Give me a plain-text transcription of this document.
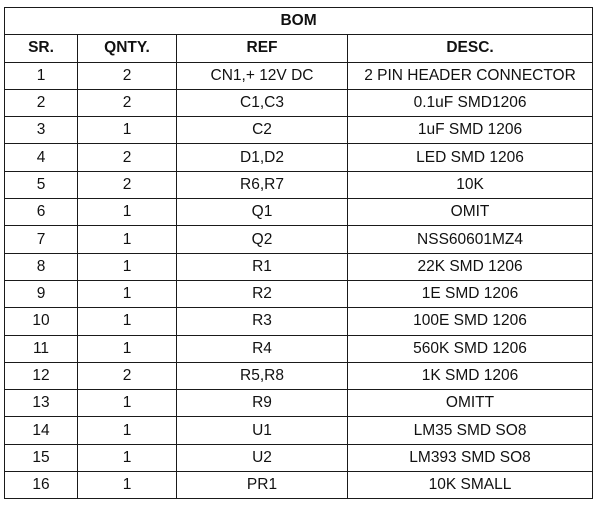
BOM			
SR.	QNTY.	REF	DESC.
1	2	CN1,+ 12V DC	2 PIN HEADER CONNECTOR
2	2	C1,C3	0.1uF SMD1206
3	1	C2	1uF SMD 1206
4	2	D1,D2	LED SMD 1206
5	2	R6,R7	10K
6	1	Q1	OMIT
7	1	Q2	NSS60601MZ4
8	1	R1	22K SMD 1206
9	1	R2	1E SMD 1206
10	1	R3	100E SMD 1206
11	1	R4	560K SMD 1206
12	2	R5,R8	1K SMD 1206
13	1	R9	OMITT
14	1	U1	LM35 SMD SO8
15	1	U2	LM393 SMD SO8
16	1	PR1	10K SMALL
